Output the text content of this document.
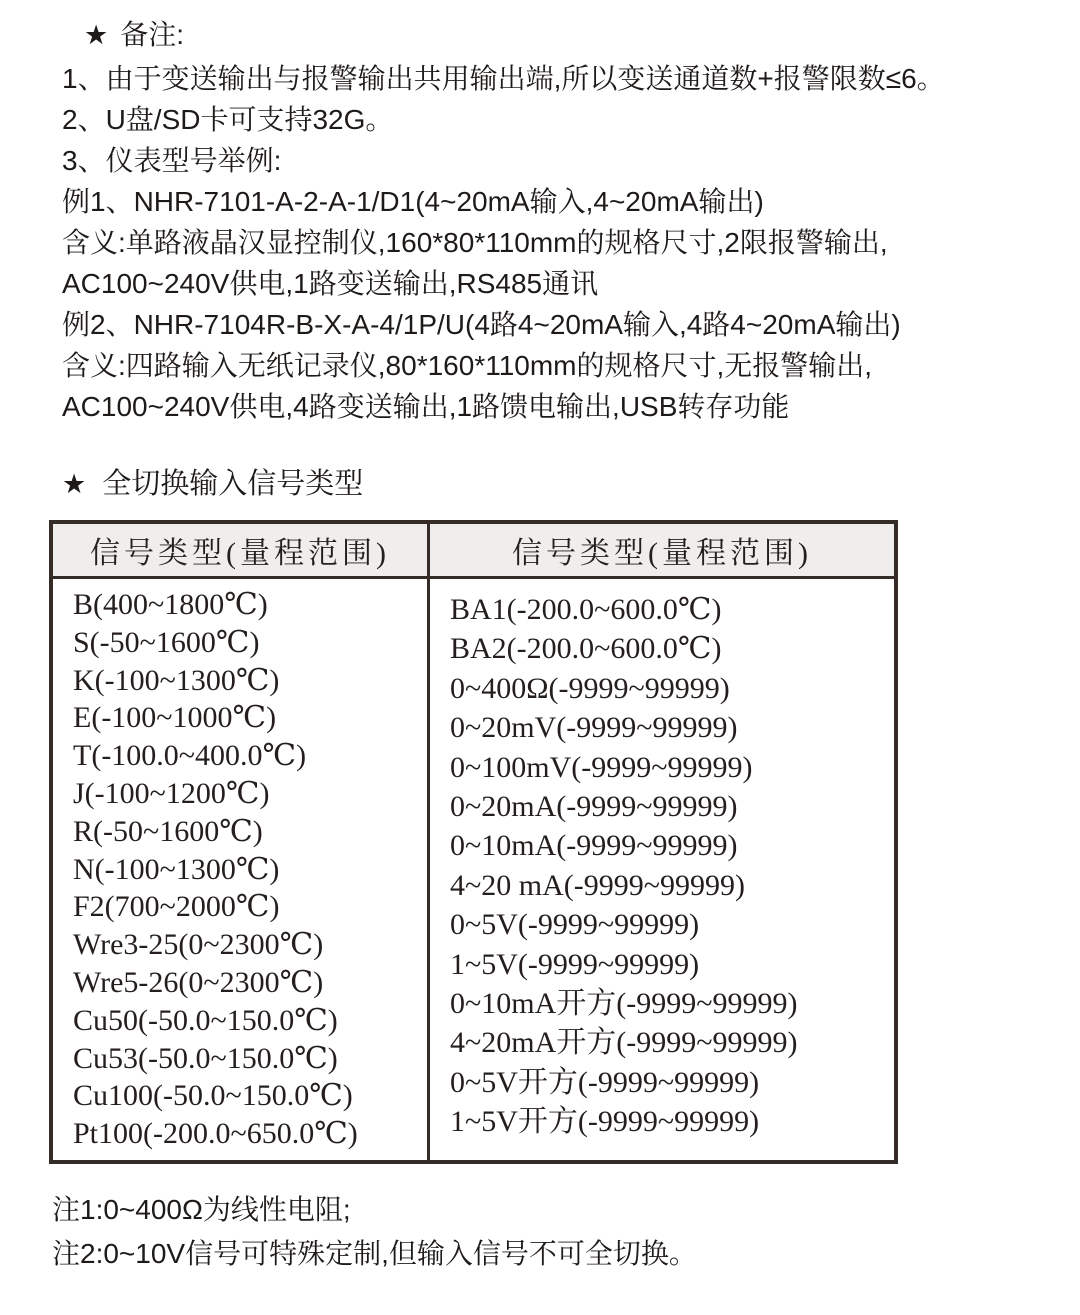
★ 备注:
1、由于变送输出与报警输出共用输出端,所以变送通道数+报警限数≤6。
2、U盘/SD卡可支持32G。
3、仪表型号举例:
例1、NHR-7101-A-2-A-1/D1(4~20mA输入,4~20mA输出)
含义:单路液晶汉显控制仪,160*80*110mm的规格尺寸,2限报警输出,
AC100~240V供电,1路变送输出,RS485通讯
例2、NHR-7104R-B-X-A-4/1P/U(4路4~20mA输入,4路4~20mA输出)
含义:四路输入无纸记录仪,80*160*110mm的规格尺寸,无报警输出,
AC100~240V供电,4路变送输出,1路馈电输出,USB转存功能
★ 全切换输入信号类型
信号类型(量程范围)	信号类型(量程范围)

B(400~1800℃)
S(-50~1600℃)
K(-100~1300℃)
E(-100~1000℃)
T(-100.0~400.0℃)
J(-100~1200℃)
R(-50~1600℃)
N(-100~1300℃)
F2(700~2000℃)
Wre3-25(0~2300℃)
Wre5-26(0~2300℃)
Cu50(-50.0~150.0℃)
Cu53(-50.0~150.0℃)
Cu100(-50.0~150.0℃)
Pt100(-200.0~650.0℃)

BA1(-200.0~600.0℃)
BA2(-200.0~600.0℃)
0~400Ω(-9999~99999)
0~20mV(-9999~99999)
0~100mV(-9999~99999)
0~20mA(-9999~99999)
0~10mA(-9999~99999)
4~20 mA(-9999~99999)
0~5V(-9999~99999)
1~5V(-9999~99999)
0~10mA开方(-9999~99999)
4~20mA开方(-9999~99999)
0~5V开方(-9999~99999)
1~5V开方(-9999~99999)
注1:0~400Ω为线性电阻;
注2:0~10V信号可特殊定制,但输入信号不可全切换。
